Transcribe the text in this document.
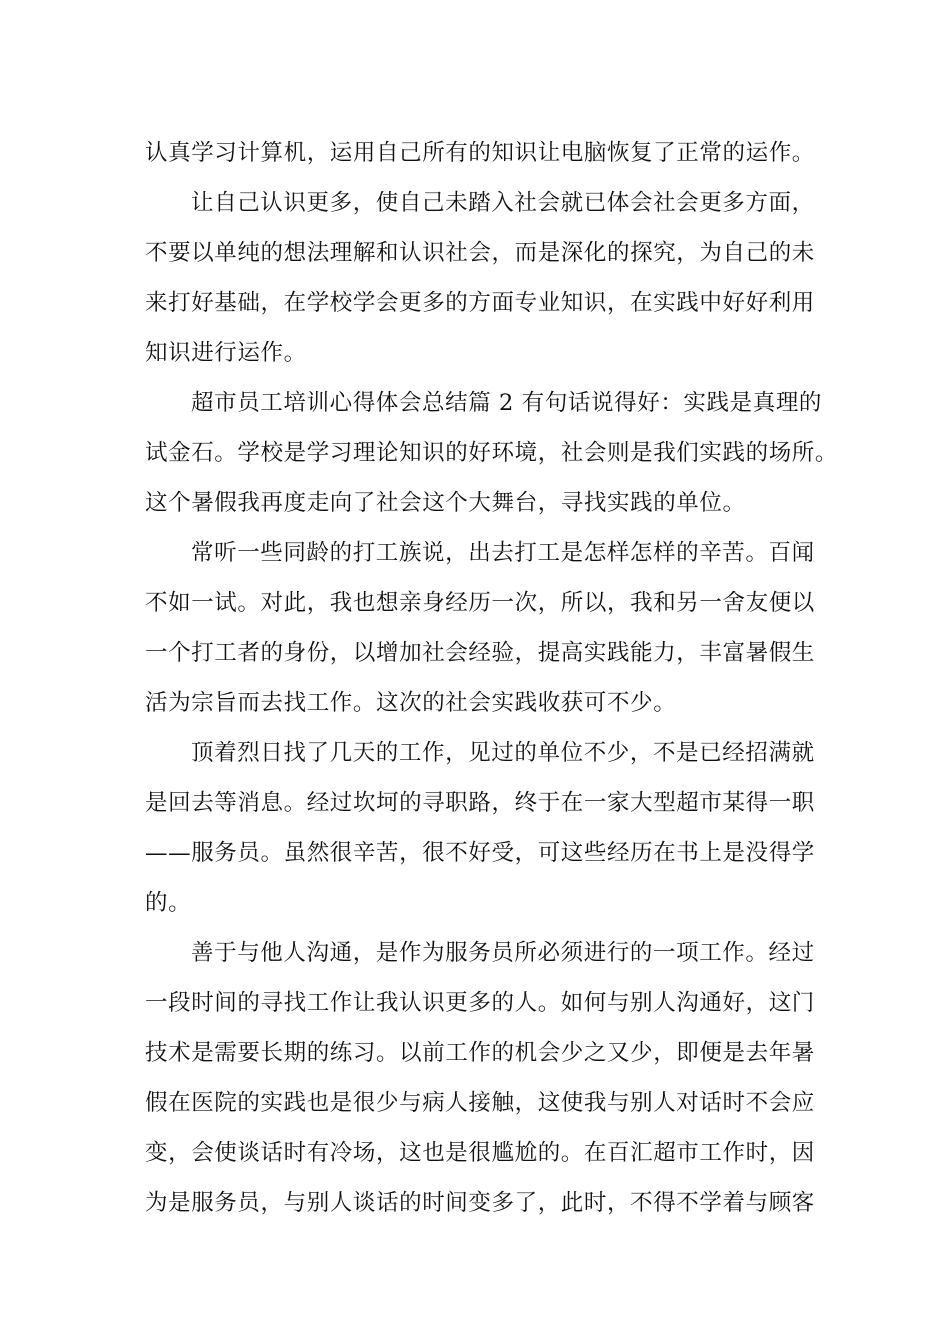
认真学习计算机，运用自己所有的知识让电脑恢复了正常的运作。
让自己认识更多，使自己未踏入社会就已体会社会更多方面，
不要以单纯的想法理解和认识社会，而是深化的探究，为自己的未
来打好基础，在学校学会更多的方面专业知识，在实践中好好利用
知识进行运作。
超市员工培训心得体会总结篇 2 有句话说得好：实践是真理的
试金石。学校是学习理论知识的好环境，社会则是我们实践的场所。
这个暑假我再度走向了社会这个大舞台，寻找实践的单位。
常听一些同龄的打工族说，出去打工是怎样怎样的辛苦。百闻
不如一试。对此，我也想亲身经历一次，所以，我和另一舍友便以
一个打工者的身份，以增加社会经验，提高实践能力，丰富暑假生
活为宗旨而去找工作。这次的社会实践收获可不少。
顶着烈日找了几天的工作，见过的单位不少，不是已经招满就
是回去等消息。经过坎坷的寻职路，终于在一家大型超市某得一职
——服务员。虽然很辛苦，很不好受，可这些经历在书上是没得学
的。
善于与他人沟通，是作为服务员所必须进行的一项工作。经过
一段时间的寻找工作让我认识更多的人。如何与别人沟通好，这门
技术是需要长期的练习。以前工作的机会少之又少，即便是去年暑
假在医院的实践也是很少与病人接触，这使我与别人对话时不会应
变，会使谈话时有冷场，这也是很尴尬的。在百汇超市工作时，因
为是服务员，与别人谈话的时间变多了，此时，不得不学着与顾客
